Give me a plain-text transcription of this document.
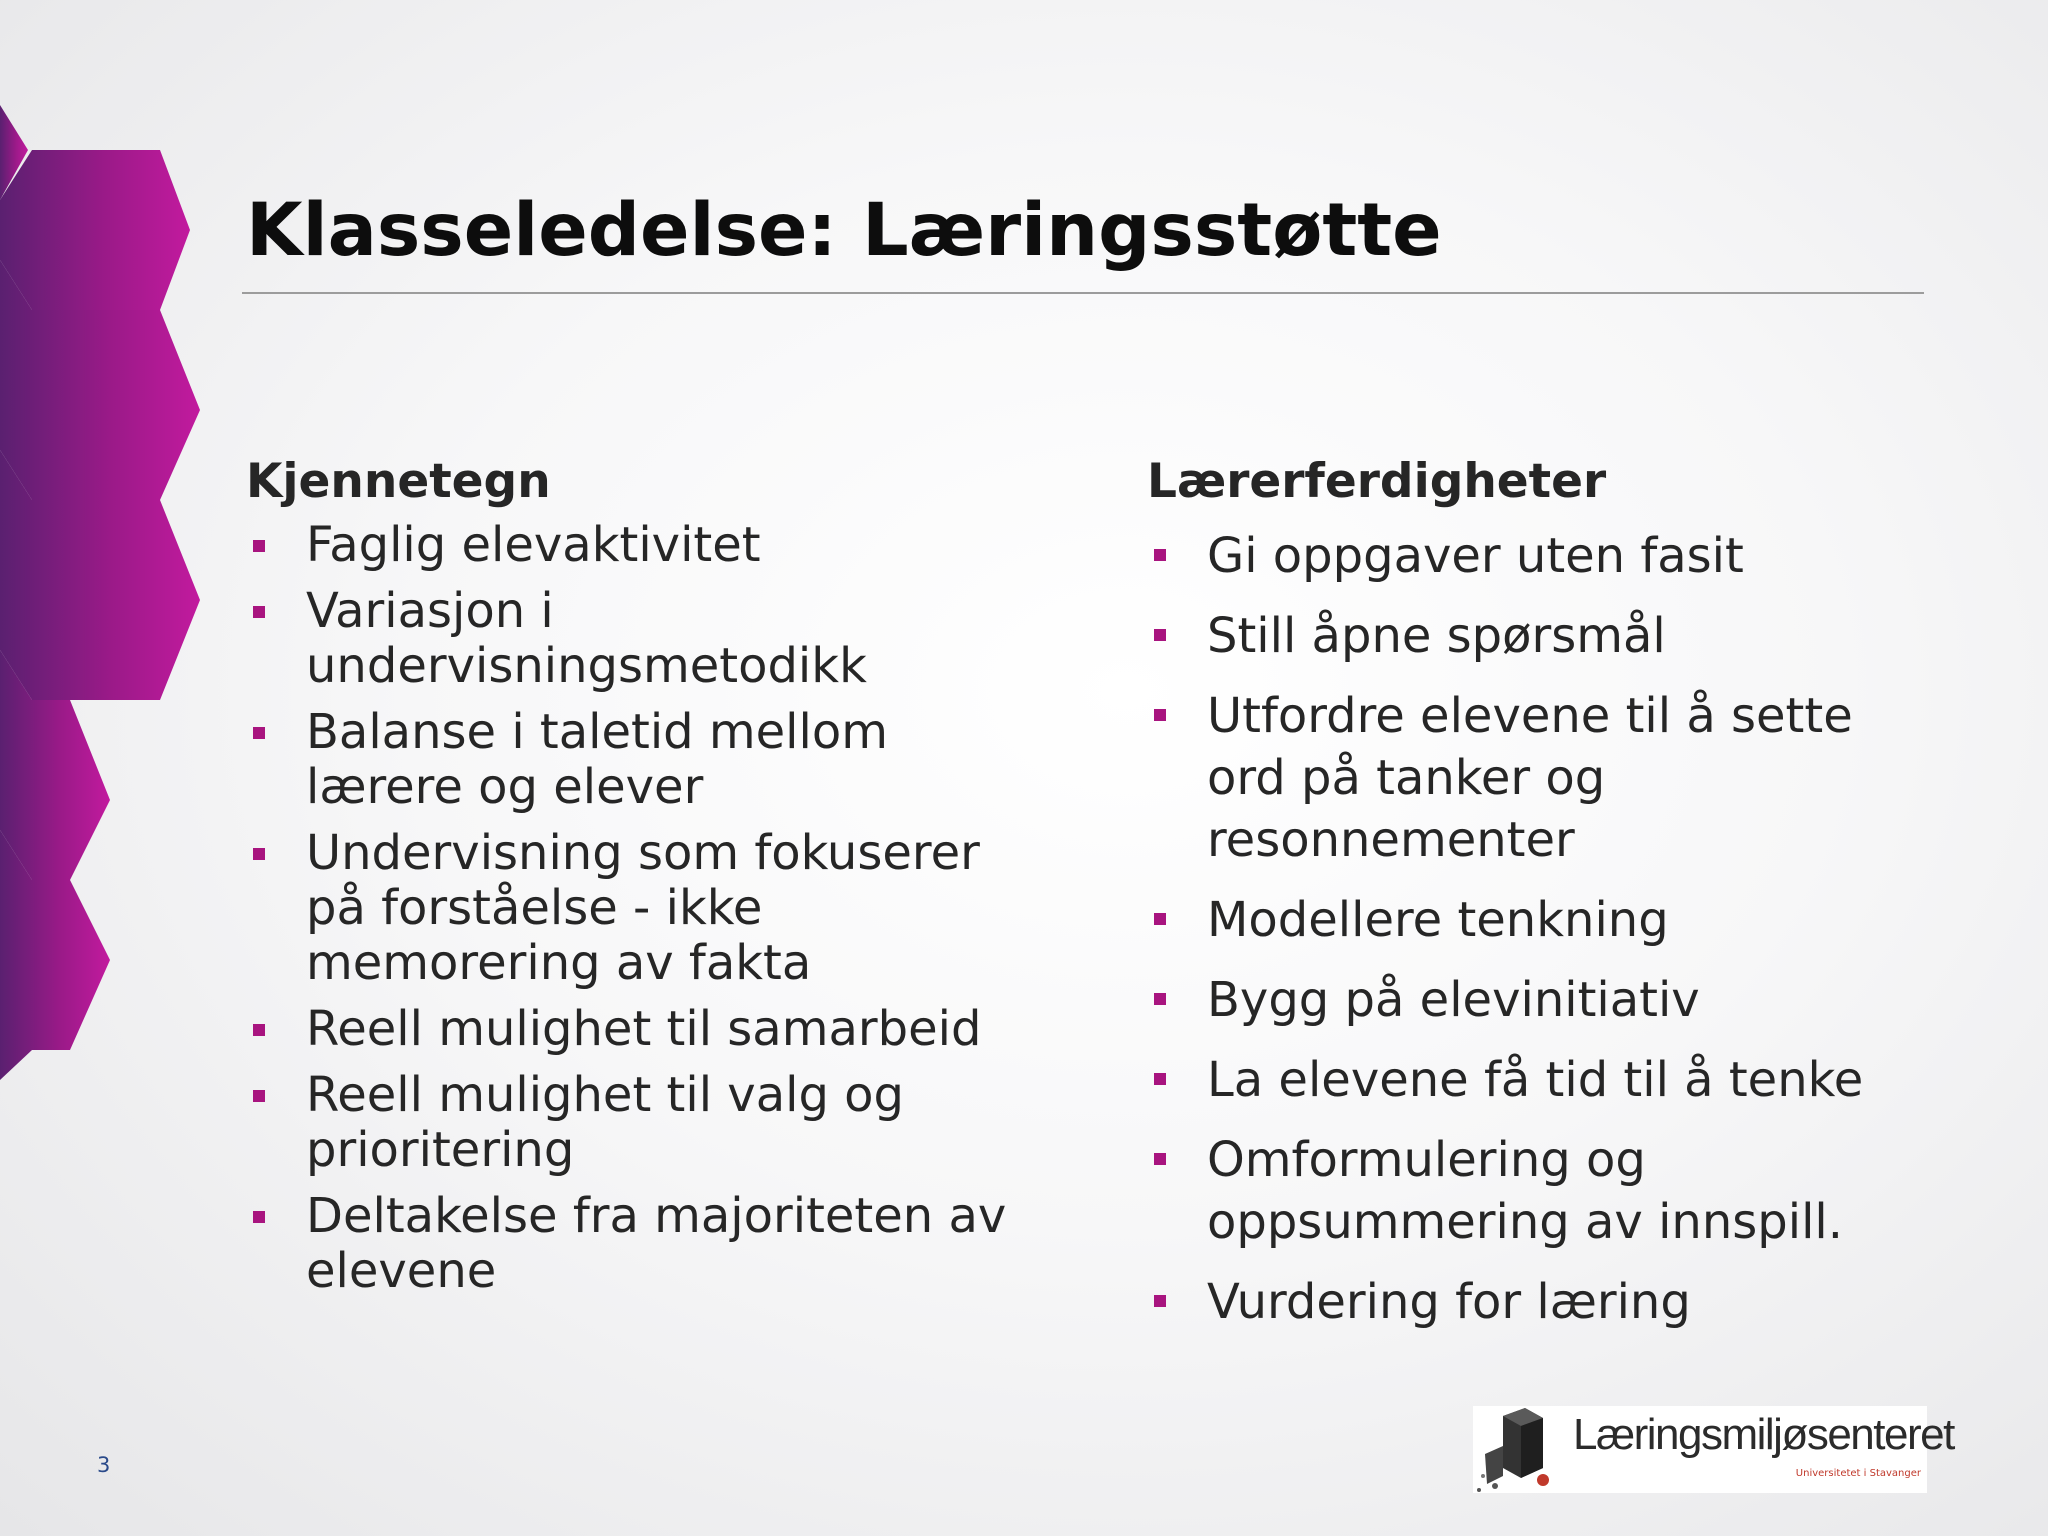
Klasseledelse: Læringsstøtte
Kjennetegn
Faglig elevaktivitet
Variasjon i undervisningsmetodikk
Balanse i taletid mellom lærere og elever
Undervisning som fokuserer på forståelse - ikke memorering av fakta
Reell mulighet til samarbeid
Reell mulighet til valg og prioritering
Deltakelse fra majoriteten av elevene
Lærerferdigheter
Gi oppgaver uten fasit
Still åpne spørsmål
Utfordre elevene til å sette ord på tanker og resonnementer
Modellere tenkning
Bygg på elevinitiativ
La elevene få tid til å tenke
Omformulering og oppsummering av innspill.
Vurdering for læring
3
Læringsmiljøsenteret
Universitetet i Stavanger
